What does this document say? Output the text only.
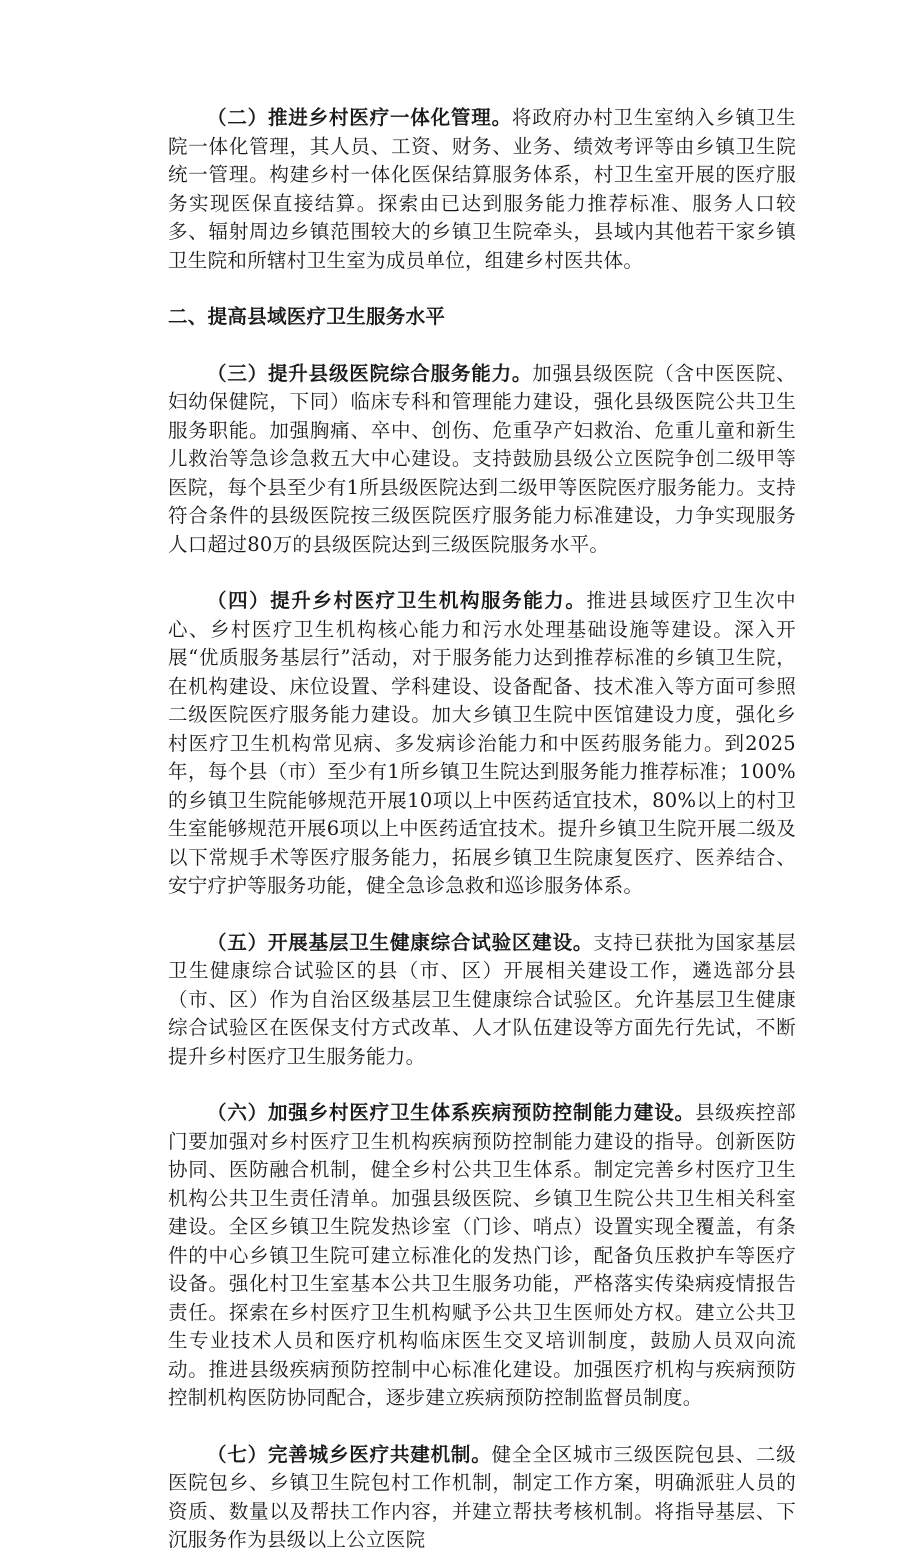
（二）推进乡村医疗一体化管理。将政府办村卫生室纳入乡镇卫生院一体化管理，其人员、工资、财务、业务、绩效考评等由乡镇卫生院统一管理。构建乡村一体化医保结算服务体系，村卫生室开展的医疗服务实现医保直接结算。探索由已达到服务能力推荐标准、服务人口较多、辐射周边乡镇范围较大的乡镇卫生院牵头，县域内其他若干家乡镇卫生院和所辖村卫生室为成员单位，组建乡村医共体。

二、提高县域医疗卫生服务水平

（三）提升县级医院综合服务能力。加强县级医院（含中医医院、妇幼保健院，下同）临床专科和管理能力建设，强化县级医院公共卫生服务职能。加强胸痛、卒中、创伤、危重孕产妇救治、危重儿童和新生儿救治等急诊急救五大中心建设。支持鼓励县级公立医院争创二级甲等医院，每个县至少有1所县级医院达到二级甲等医院医疗服务能力。支持符合条件的县级医院按三级医院医疗服务能力标准建设，力争实现服务人口超过80万的县级医院达到三级医院服务水平。

（四）提升乡村医疗卫生机构服务能力。推进县域医疗卫生次中心、乡村医疗卫生机构核心能力和污水处理基础设施等建设。深入开展“优质服务基层行”活动，对于服务能力达到推荐标准的乡镇卫生院，在机构建设、床位设置、学科建设、设备配备、技术准入等方面可参照二级医院医疗服务能力建设。加大乡镇卫生院中医馆建设力度，强化乡村医疗卫生机构常见病、多发病诊治能力和中医药服务能力。到2025年，每个县（市）至少有1所乡镇卫生院达到服务能力推荐标准；100%的乡镇卫生院能够规范开展10项以上中医药适宜技术，80%以上的村卫生室能够规范开展6项以上中医药适宜技术。提升乡镇卫生院开展二级及以下常规手术等医疗服务能力，拓展乡镇卫生院康复医疗、医养结合、安宁疗护等服务功能，健全急诊急救和巡诊服务体系。

（五）开展基层卫生健康综合试验区建设。支持已获批为国家基层卫生健康综合试验区的县（市、区）开展相关建设工作，遴选部分县（市、区）作为自治区级基层卫生健康综合试验区。允许基层卫生健康综合试验区在医保支付方式改革、人才队伍建设等方面先行先试，不断提升乡村医疗卫生服务能力。

（六）加强乡村医疗卫生体系疾病预防控制能力建设。县级疾控部门要加强对乡村医疗卫生机构疾病预防控制能力建设的指导。创新医防协同、医防融合机制，健全乡村公共卫生体系。制定完善乡村医疗卫生机构公共卫生责任清单。加强县级医院、乡镇卫生院公共卫生相关科室建设。全区乡镇卫生院发热诊室（门诊、哨点）设置实现全覆盖，有条件的中心乡镇卫生院可建立标准化的发热门诊，配备负压救护车等医疗设备。强化村卫生室基本公共卫生服务功能，严格落实传染病疫情报告责任。探索在乡村医疗卫生机构赋予公共卫生医师处方权。建立公共卫生专业技术人员和医疗机构临床医生交叉培训制度，鼓励人员双向流动。推进县级疾病预防控制中心标准化建设。加强医疗机构与疾病预防控制机构医防协同配合，逐步建立疾病预防控制监督员制度。

（七）完善城乡医疗共建机制。健全全区城市三级医院包县、二级医院包乡、乡镇卫生院包村工作机制，制定工作方案，明确派驻人员的资质、数量以及帮扶工作内容，并建立帮扶考核机制。将指导基层、下沉服务作为县级以上公立医院
